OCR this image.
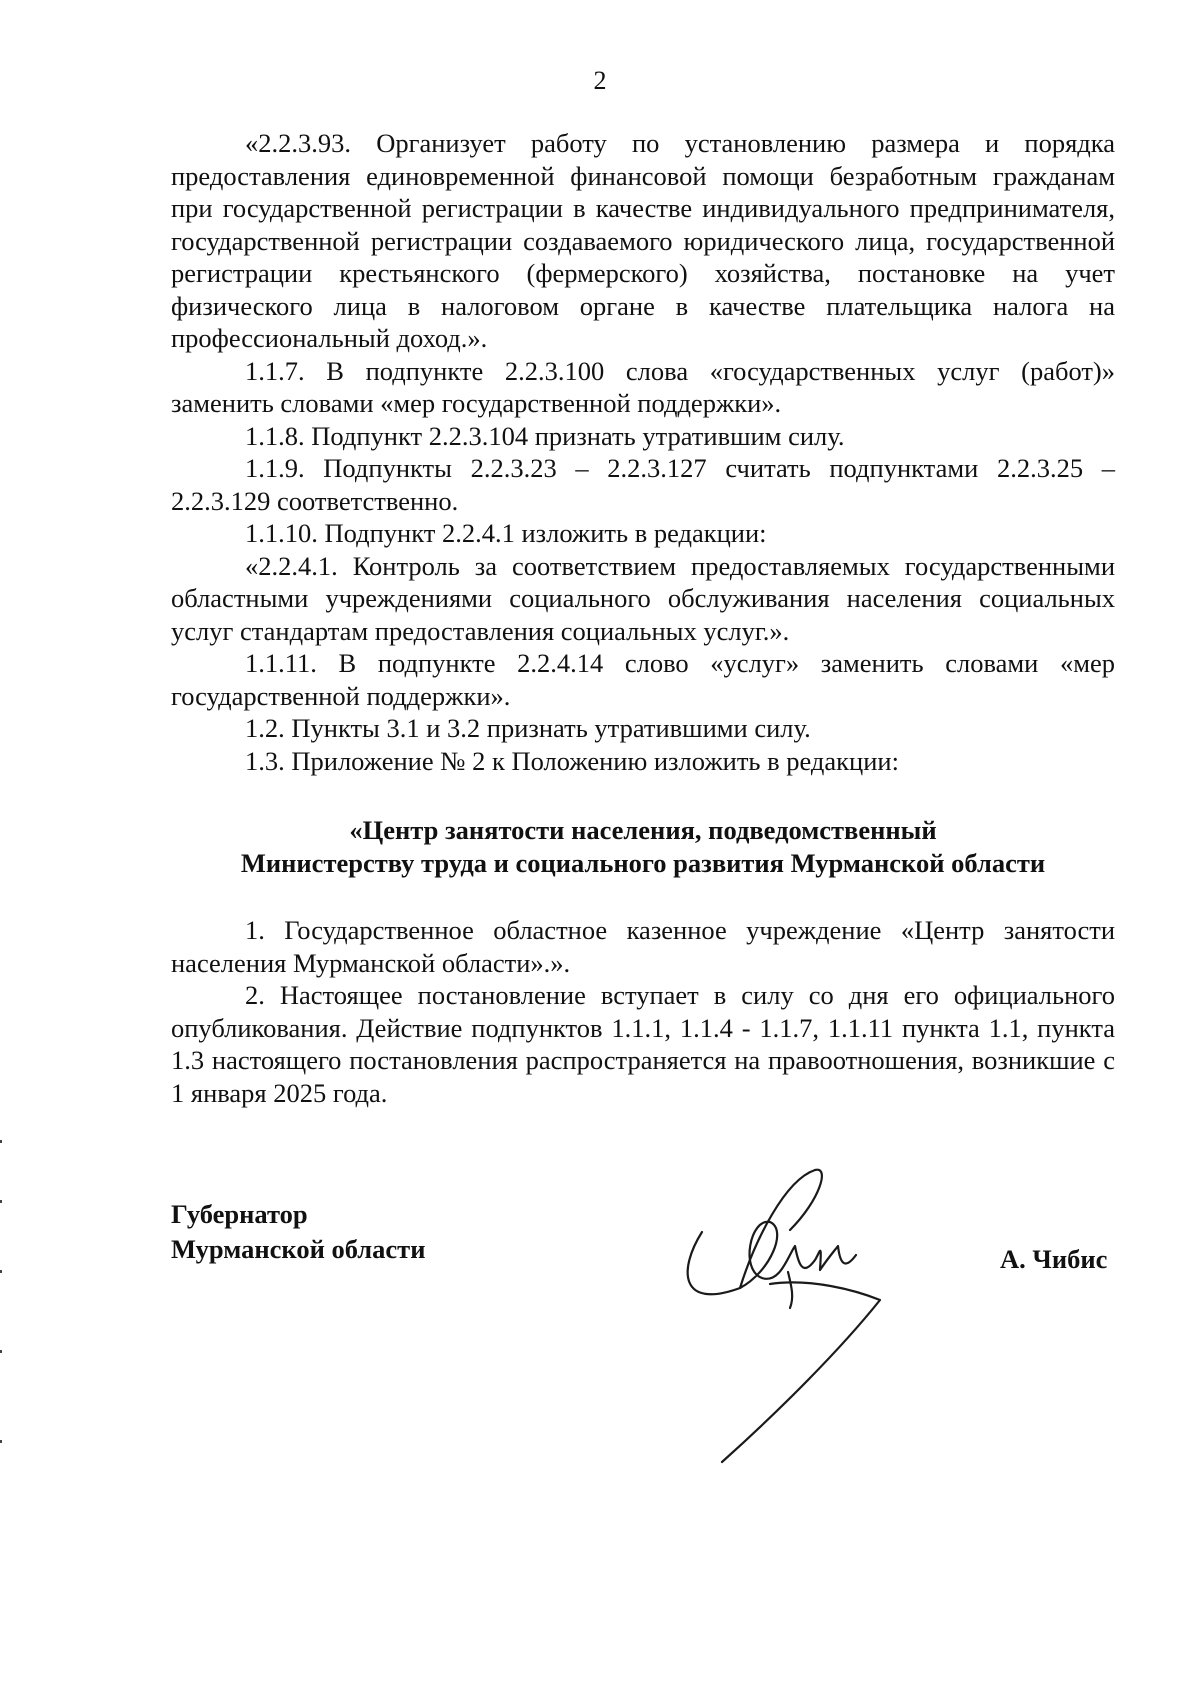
2

«2.2.3.93. Организует работу по установлению размера и порядка предоставления единовременной финансовой помощи безработным гражданам при государственной регистрации в качестве индивидуального предпринимателя, государственной регистрации создаваемого юридического лица, государственной регистрации крестьянского (фермерского) хозяйства, постановке на учет физического лица в налоговом органе в качестве плательщика налога на профессиональный доход.».

1.1.7. В подпункте 2.2.3.100 слова «государственных услуг (работ)» заменить словами «мер государственной поддержки».

1.1.8. Подпункт 2.2.3.104 признать утратившим силу.

1.1.9. Подпункты 2.2.3.23 – 2.2.3.127 считать подпунктами 2.2.3.25 – 2.2.3.129 соответственно.

1.1.10. Подпункт 2.2.4.1 изложить в редакции:

«2.2.4.1. Контроль за соответствием предоставляемых государственными областными учреждениями социального обслуживания населения социальных услуг стандартам предоставления социальных услуг.».

1.1.11. В подпункте 2.2.4.14 слово «услуг» заменить словами «мер государственной поддержки».

1.2. Пункты 3.1 и 3.2 признать утратившими силу.

1.3. Приложение № 2 к Положению изложить в редакции:

«Центр занятости населения, подведомственный
Министерству труда и социального развития Мурманской области

1. Государственное областное казенное учреждение «Центр занятости населения Мурманской области».».

2. Настоящее постановление вступает в силу со дня его официального опубликования. Действие подпунктов 1.1.1, 1.1.4 - 1.1.7, 1.1.11 пункта 1.1, пункта 1.3 настоящего постановления распространяется на правоотношения, возникшие с 1 января 2025 года.

Губернатор
Мурманской области	А. Чибис
